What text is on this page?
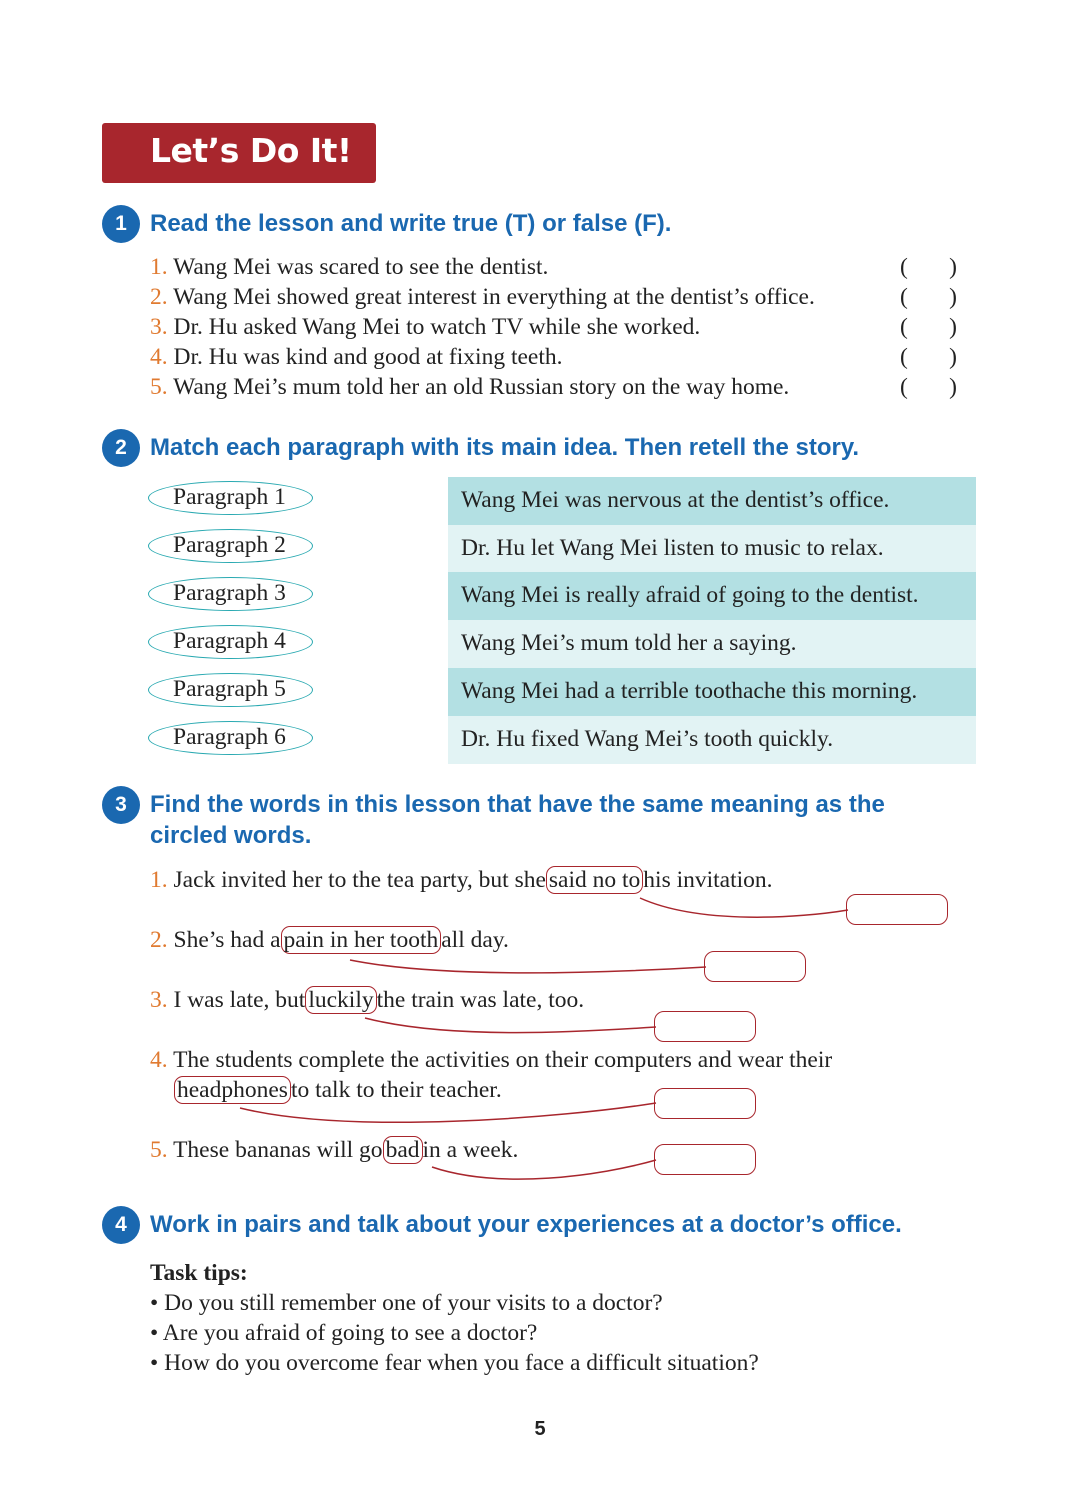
Let’s Do It!
1 Read the lesson and write true (T) or false (F).
1. Wang Mei was scared to see the dentist.	( )
2. Wang Mei showed great interest in everything at the dentist’s office.	( )
3. Dr. Hu asked Wang Mei to watch TV while she worked.	( )
4. Dr. Hu was kind and good at fixing teeth.	( )
5. Wang Mei’s mum told her an old Russian story on the way home.	( )
2 Match each paragraph with its main idea. Then retell the story.
Paragraph 1
Paragraph 2
Paragraph 3
Paragraph 4
Paragraph 5
Paragraph 6
Wang Mei was nervous at the dentist’s office.
Dr. Hu let Wang Mei listen to music to relax.
Wang Mei is really afraid of going to the dentist.
Wang Mei’s mum told her a saying.
Wang Mei had a terrible toothache this morning.
Dr. Hu fixed Wang Mei’s tooth quickly.
3 Find the words in this lesson that have the same meaning as the
circled words.
1. Jack invited her to the tea party, but she said no to his invitation.
2. She’s had a pain in her tooth all day.
3. I was late, but luckily the train was late, too.
4. The students complete the activities on their computers and wear their
headphones to talk to their teacher.
5. These bananas will go bad in a week.
4 Work in pairs and talk about your experiences at a doctor’s office.
Task tips:
• Do you still remember one of your visits to a doctor?
• Are you afraid of going to see a doctor?
• How do you overcome fear when you face a difficult situation?
5
